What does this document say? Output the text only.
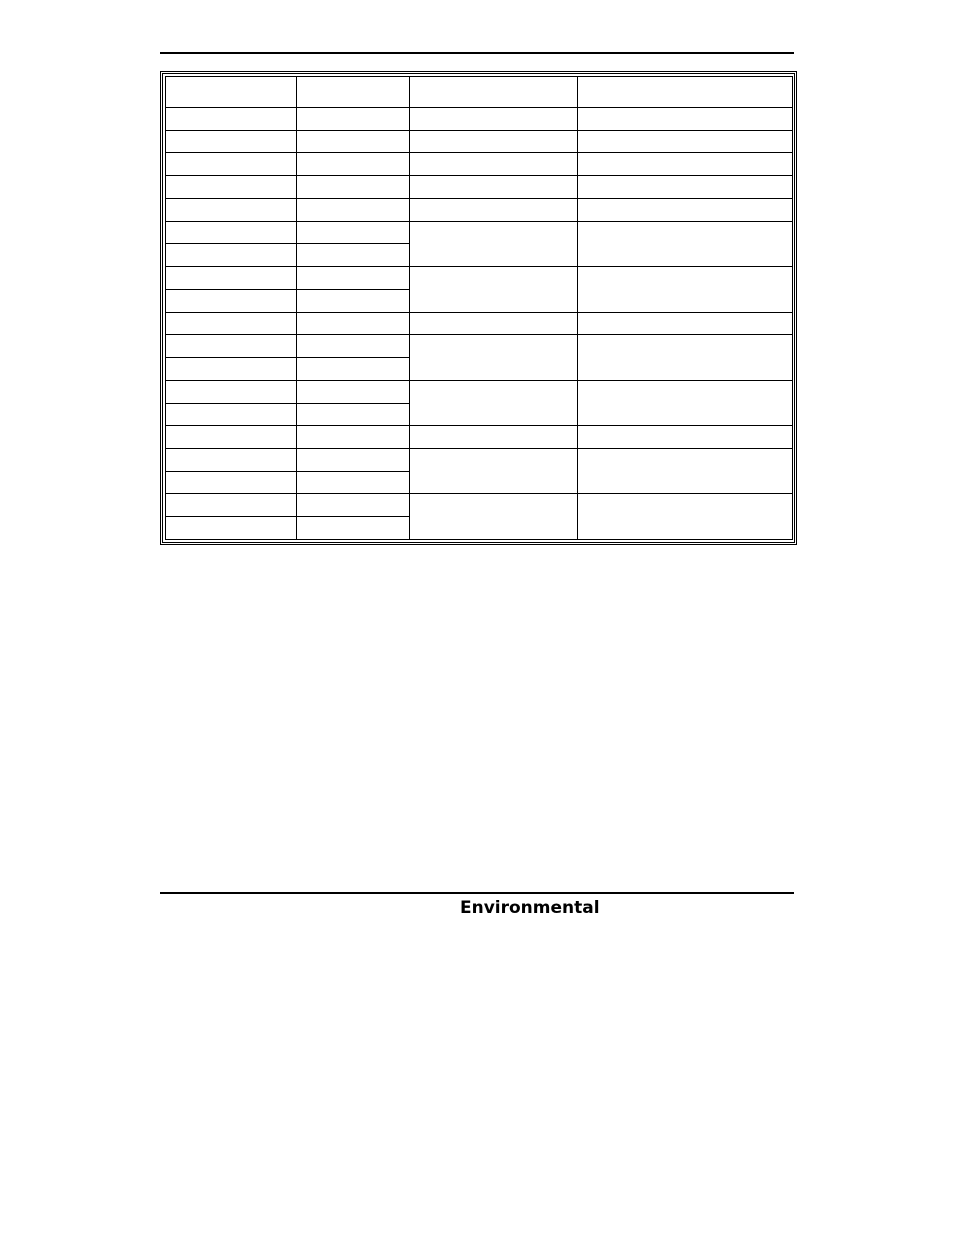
Environmental
